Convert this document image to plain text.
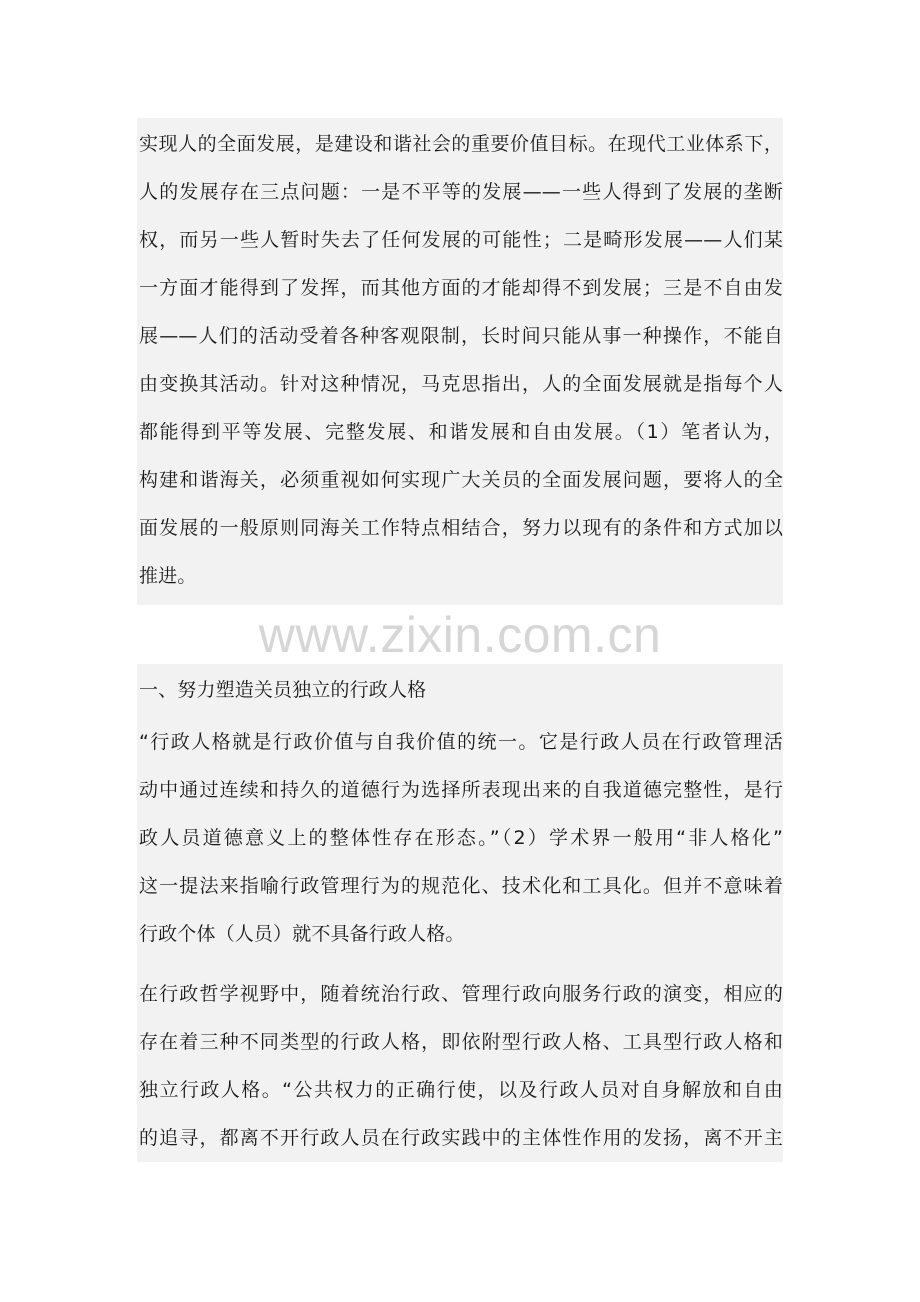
实现人的全面发展，是建设和谐社会的重要价值目标。在现代工业体系下，
人的发展存在三点问题：一是不平等的发展——一些人得到了发展的垄断
权，而另一些人暂时失去了任何发展的可能性；二是畸形发展——人们某
一方面才能得到了发挥，而其他方面的才能却得不到发展；三是不自由发
展——人们的活动受着各种客观限制，长时间只能从事一种操作，不能自
由变换其活动。针对这种情况，马克思指出，人的全面发展就是指每个人
都能得到平等发展、完整发展、和谐发展和自由发展。（1）笔者认为，
构建和谐海关，必须重视如何实现广大关员的全面发展问题，要将人的全
面发展的一般原则同海关工作特点相结合，努力以现有的条件和方式加以
推进。
www.zixin.com.cn
一、努力塑造关员独立的行政人格
“行政人格就是行政价值与自我价值的统一。它是行政人员在行政管理活
动中通过连续和持久的道德行为选择所表现出来的自我道德完整性，是行
政人员道德意义上的整体性存在形态。”（2）学术界一般用“非人格化”
这一提法来指喻行政管理行为的规范化、技术化和工具化。但并不意味着
行政个体（人员）就不具备行政人格。
在行政哲学视野中，随着统治行政、管理行政向服务行政的演变，相应的
存在着三种不同类型的行政人格，即依附型行政人格、工具型行政人格和
独立行政人格。“公共权力的正确行使，以及行政人员对自身解放和自由
的追寻，都离不开行政人员在行政实践中的主体性作用的发扬，离不开主
